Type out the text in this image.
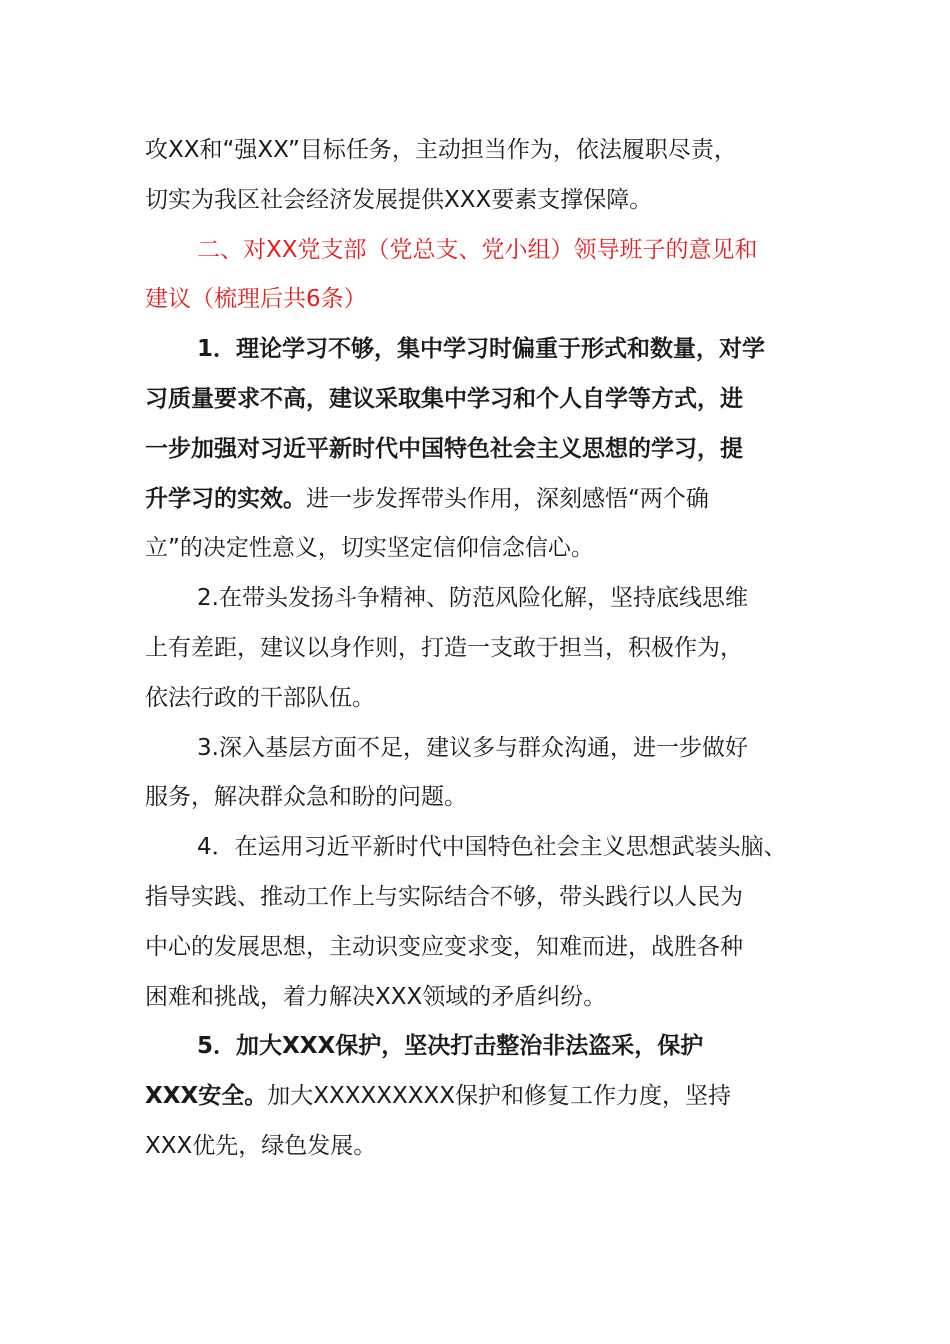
攻XX和“强XX”目标任务，主动担当作为，依法履职尽责，
切实为我区社会经济发展提供XXX要素支撑保障。

二、对XX党支部（党总支、党小组）领导班子的意见和
建议（梳理后共6条）

1．理论学习不够，集中学习时偏重于形式和数量，对学
习质量要求不高，建议采取集中学习和个人自学等方式，进
一步加强对习近平新时代中国特色社会主义思想的学习，提
升学习的实效。进一步发挥带头作用，深刻感悟“两个确
立”的决定性意义，切实坚定信仰信念信心。

2.在带头发扬斗争精神、防范风险化解，坚持底线思维
上有差距，建议以身作则，打造一支敢于担当，积极作为，
依法行政的干部队伍。

3.深入基层方面不足，建议多与群众沟通，进一步做好
服务，解决群众急和盼的问题。

4．在运用习近平新时代中国特色社会主义思想武装头脑、
指导实践、推动工作上与实际结合不够，带头践行以人民为
中心的发展思想，主动识变应变求变，知难而进，战胜各种
困难和挑战，着力解决XXX领域的矛盾纠纷。

5．加大XXX保护，坚决打击整治非法盗采，保护
XXX安全。加大XXXXXXXXX保护和修复工作力度，坚持
XXX优先，绿色发展。
